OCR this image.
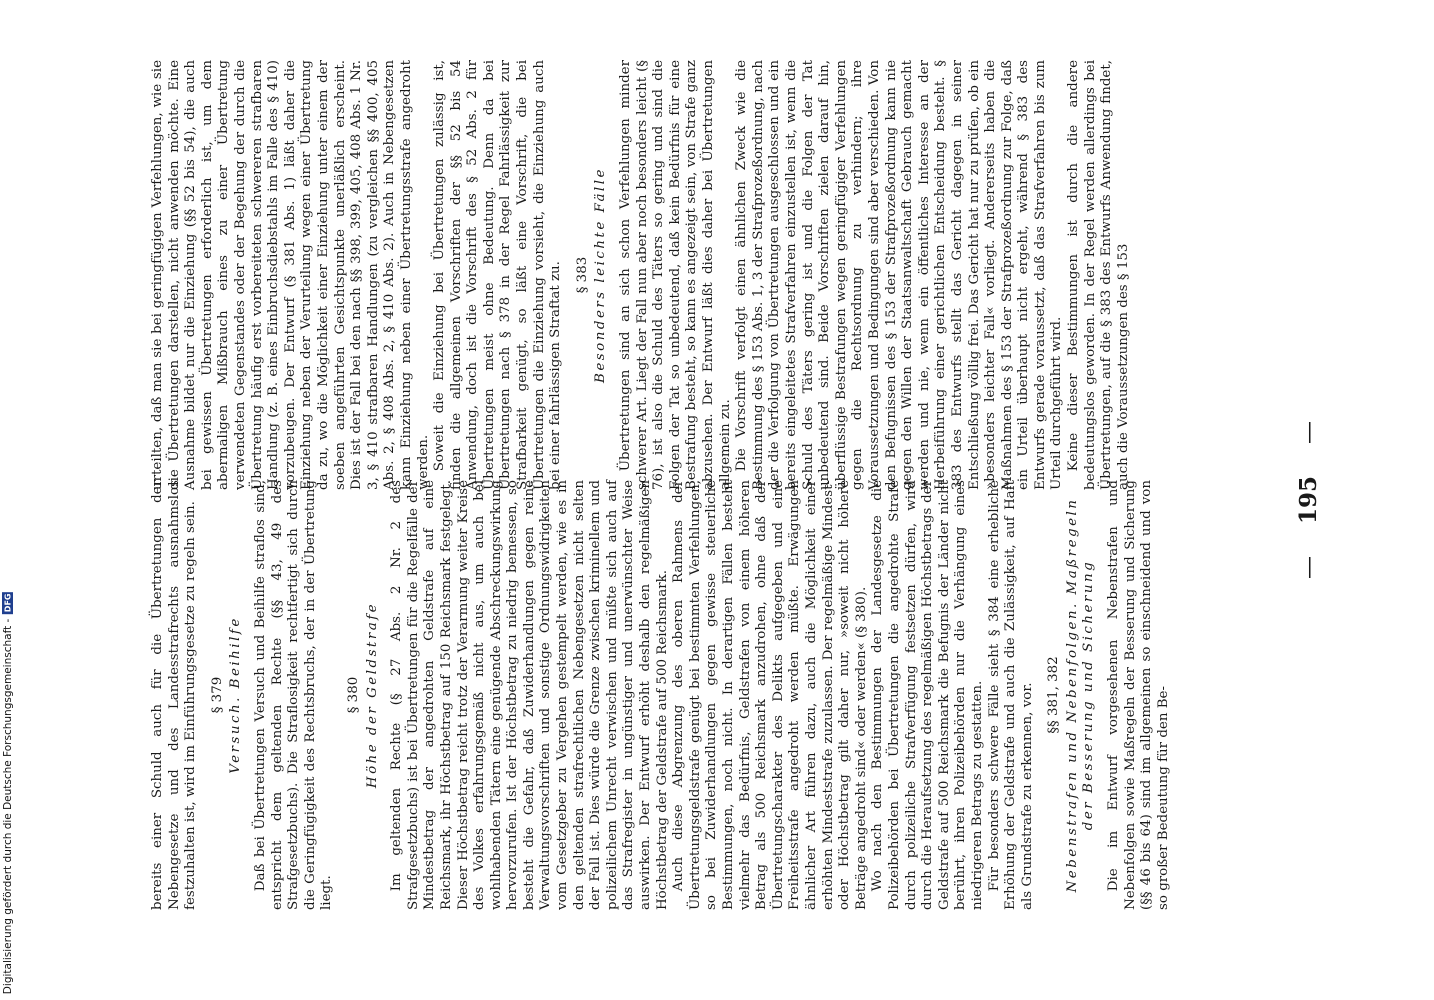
— 195 —

bereits einer Schuld auch für die Übertretungen der Nebengesetze und des Landesstrafrechts ausnahmslos festzuhalten ist, wird im Einführungsgesetze zu regeln sein. § 379 Versuch. Beihilfe Daß bei Übertretungen Versuch und Beihilfe straflos sind, entspricht dem geltenden Rechte (§§ 43, 49 des Strafgesetzbuchs). Die Straflosigkeit rechtfertigt sich durch die Geringfügigkeit des Rechtsbruchs, der in der Übertretung liegt.

§ 380 Höhe der Geldstrafe Im geltenden Rechte (§ 27 Abs. 2 Nr. 2 des Strafgesetzbuchs) ist bei Übertretungen für die Regelfälle der Mindestbetrag der angedrohten Geldstrafe auf eine Reichsmark, ihr Höchstbetrag auf 150 Reichsmark festgelegt. Dieser Höchstbetrag reicht trotz der Verarmung weiter Kreise des Volkes erfahrungsgemäß nicht aus, um auch bei wohlhabenden Tätern eine genügende Abschreckungswirkung hervorzurufen. Ist der Höchstbetrag zu niedrig bemessen, so besteht die Gefahr, daß Zuwiderhandlungen gegen reine Verwaltungsvorschriften und sonstige Ordnungswidrigkeiten vom Gesetzgeber zu Vergehen gestempelt werden, wie es in den geltenden strafrechtlichen Nebengesetzen nicht selten der Fall ist. Dies würde die Grenze zwischen kriminellem und polizeilichem Unrecht verwischen und müßte sich auch auf das Strafregister in ungünstiger und unerwünschter Weise auswirken. Der Entwurf erhöht deshalb den regelmäßigen Höchstbetrag der Geldstrafe auf 500 Reichsmark. Auch diese Abgrenzung des oberen Rahmens der Übertretungsgeldstrafe genügt bei bestimmten Verfehlungen, so bei Zuwiderhandlungen gegen gewisse steuerliche Bestimmungen, noch nicht. In derartigen Fällen besteht vielmehr das Bedürfnis, Geldstrafen von einem höheren Betrag als 500 Reichsmark anzudrohen, ohne daß der Übertretungscharakter des Delikts aufgegeben und eine Freiheitsstrafe angedroht werden müßte. Erwägungen ähnlicher Art führen dazu, auch die Möglichkeit einer erhöhten Mindeststrafe zuzulassen. Der regelmäßige Mindest- oder Höchstbetrag gilt daher nur, »soweit nicht höhere Beträge angedroht sind« oder werden« (§ 380). Wo nach den Bestimmungen der Landesgesetze die Polizeibehörden bei Übertretungen die angedrohte Strafe durch polizeiliche Strafverfügung festsetzen dürfen, wird durch die Heraufsetzung des regelmäßigen Höchstbetrags der Geldstrafe auf 500 Reichsmark die Befugnis der Länder nicht berührt, ihren Polizeibehörden nur die Verhängung eines niedrigeren Betrags zu gestatten. Für besonders schwere Fälle sieht § 384 eine erhebliche Erhöhung der Geldstrafe und auch die Zulässigkeit, auf Haft als Grundstrafe zu erkennen, vor. §§ 381, 382 Nebenstrafen und Nebenfolgen. Maßregeln der Besserung und Sicherung Die im Entwurf vorgesehenen Nebenstrafen und Nebenfolgen sowie Maßregeln der Besserung und Sicherung (§§ 46 bis 64) sind im allgemeinen so einschneidend und von so großer Bedeutung für den Be-

urteilten, daß man sie bei geringfügigen Verfehlungen, wie sie die Übertretungen darstellen, nicht anwenden möchte. Eine Ausnahme bildet nur die Einziehung (§§ 52 bis 54), die auch bei gewissen Übertretungen erforderlich ist, um dem abermaligen Mißbrauch eines zu einer Übertretung verwendeten Gegenstandes oder der Begehung der durch die Übertretung häufig erst vorbereiteten schwereren strafbaren Handlung (z. B. eines Einbruchsdiebstahls im Falle des § 410) vorzubeugen. Der Entwurf (§ 381 Abs. 1) läßt daher die Einziehung neben der Verurteilung wegen einer Übertretung da zu, wo die Möglichkeit einer Einziehung unter einem der soeben angeführten Gesichtspunkte unerläßlich erscheint. Dies ist der Fall bei den nach §§ 398, 399, 405, 408 Abs. 1 Nr. 3, § 410 strafbaren Handlungen (zu vergleichen §§ 400, 405 Abs. 2, § 408 Abs. 2, § 410 Abs. 2). Auch in Nebengesetzen kann Einziehung neben einer Übertretungsstrafe angedroht werden. Soweit die Einziehung bei Übertretungen zulässig ist, finden die allgemeinen Vorschriften der §§ 52 bis 54 Anwendung, doch ist die Vorschrift des § 52 Abs. 2 für Übertretungen meist ohne Bedeutung. Denn da bei Übertretungen nach § 378 in der Regel Fahrlässigkeit zur Strafbarkeit genügt, so läßt eine Vorschrift, die bei Übertretungen die Einziehung vorsieht, die Einziehung auch bei einer fahrlässigen Straftat zu. § 383 Besonders leichte Fälle Übertretungen sind an sich schon Verfehlungen minder schwerer Art. Liegt der Fall nun aber noch besonders leicht (§ 76), ist also die Schuld des Täters so gering und sind die Folgen der Tat so unbedeutend, daß kein Bedürfnis für eine Bestrafung besteht, so kann es angezeigt sein, von Strafe ganz abzusehen. Der Entwurf läßt dies daher bei Übertretungen allgemein zu. Die Vorschrift verfolgt einen ähnlichen Zweck wie die Bestimmung des § 153 Abs. 1, 3 der Strafprozeßordnung, nach der die Verfolgung von Übertretungen ausgeschlossen und ein bereits eingeleitetes Strafverfahren einzustellen ist, wenn die Schuld des Täters gering ist und die Folgen der Tat unbedeutend sind. Beide Vorschriften zielen darauf hin, überflüssige Bestrafungen wegen geringfügiger Verfehlungen gegen die Rechtsordnung zu verhindern; ihre Voraussetzungen und Bedingungen sind aber verschieden. Von den Befugnissen des § 153 der Strafprozeßordnung kann nie gegen den Willen der Staatsanwaltschaft Gebrauch gemacht werden und nie, wenn ein öffentliches Interesse an der Herbeiführung einer gerichtlichen Entscheidung besteht. § 383 des Entwurfs stellt das Gericht dagegen in seiner Entschließung völlig frei. Das Gericht hat nur zu prüfen, ob ein »besonders leichter Fall« vorliegt. Andererseits haben die Maßnahmen des § 153 der Strafprozeßordnung zur Folge, daß ein Urteil überhaupt nicht ergeht, während § 383 des Entwurfs gerade voraussetzt, daß das Strafverfahren bis zum Urteil durchgeführt wird. Keine dieser Bestimmungen ist durch die andere bedeutungslos geworden. In der Regel werden allerdings bei Übertretungen, auf die § 383 des Entwurfs Anwendung findet, auch die Voraussetzungen des § 153

Digitalisierung gefördert durch die Deutsche Forschungsgemeinschaft -
DFG
